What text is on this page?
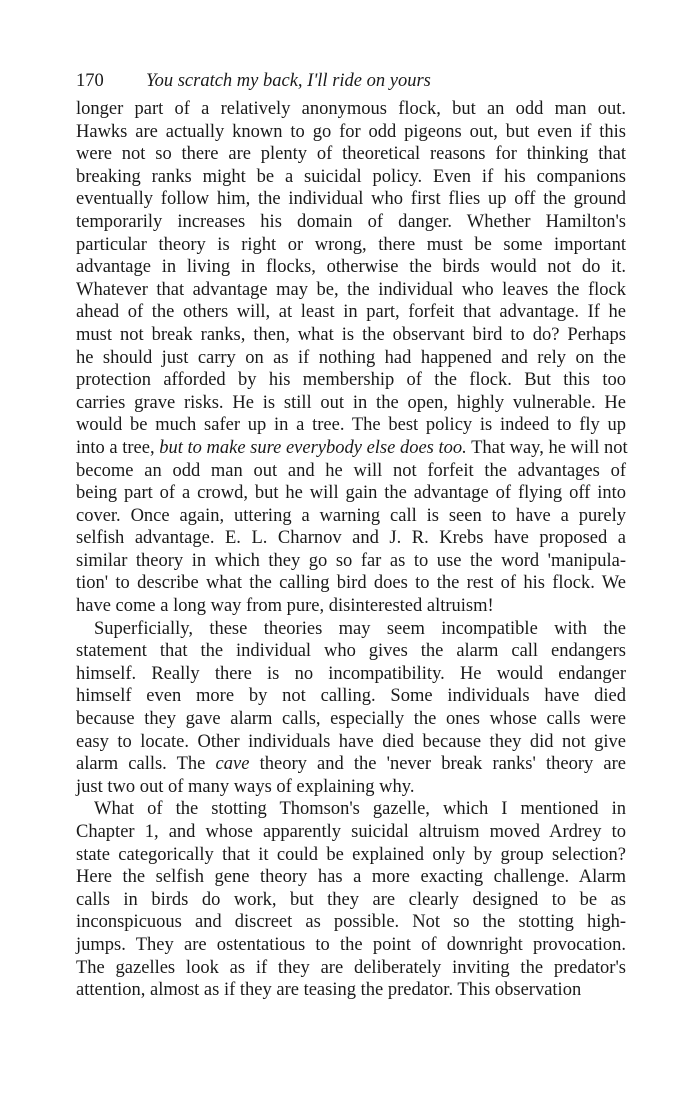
170 You scratch my back, I'll ride on yours
longer part of a relatively anonymous flock, but an odd man out.
Hawks are actually known to go for odd pigeons out, but even if this
were not so there are plenty of theoretical reasons for thinking that
breaking ranks might be a suicidal policy. Even if his companions
eventually follow him, the individual who first flies up off the ground
temporarily increases his domain of danger. Whether Hamilton's
particular theory is right or wrong, there must be some important
advantage in living in flocks, otherwise the birds would not do it.
Whatever that advantage may be, the individual who leaves the flock
ahead of the others will, at least in part, forfeit that advantage. If he
must not break ranks, then, what is the observant bird to do? Perhaps
he should just carry on as if nothing had happened and rely on the
protection afforded by his membership of the flock. But this too
carries grave risks. He is still out in the open, highly vulnerable. He
would be much safer up in a tree. The best policy is indeed to fly up
into a tree, but to make sure everybody else does too. That way, he will not
become an odd man out and he will not forfeit the advantages of
being part of a crowd, but he will gain the advantage of flying off into
cover. Once again, uttering a warning call is seen to have a purely
selfish advantage. E. L. Charnov and J. R. Krebs have proposed a
similar theory in which they go so far as to use the word 'manipula-
tion' to describe what the calling bird does to the rest of his flock. We
have come a long way from pure, disinterested altruism!
Superficially, these theories may seem incompatible with the
statement that the individual who gives the alarm call endangers
himself. Really there is no incompatibility. He would endanger
himself even more by not calling. Some individuals have died
because they gave alarm calls, especially the ones whose calls were
easy to locate. Other individuals have died because they did not give
alarm calls. The cave theory and the 'never break ranks' theory are
just two out of many ways of explaining why.
What of the stotting Thomson's gazelle, which I mentioned in
Chapter 1, and whose apparently suicidal altruism moved Ardrey to
state categorically that it could be explained only by group selection?
Here the selfish gene theory has a more exacting challenge. Alarm
calls in birds do work, but they are clearly designed to be as
inconspicuous and discreet as possible. Not so the stotting high-
jumps. They are ostentatious to the point of downright provocation.
The gazelles look as if they are deliberately inviting the predator's
attention, almost as if they are teasing the predator. This observation
